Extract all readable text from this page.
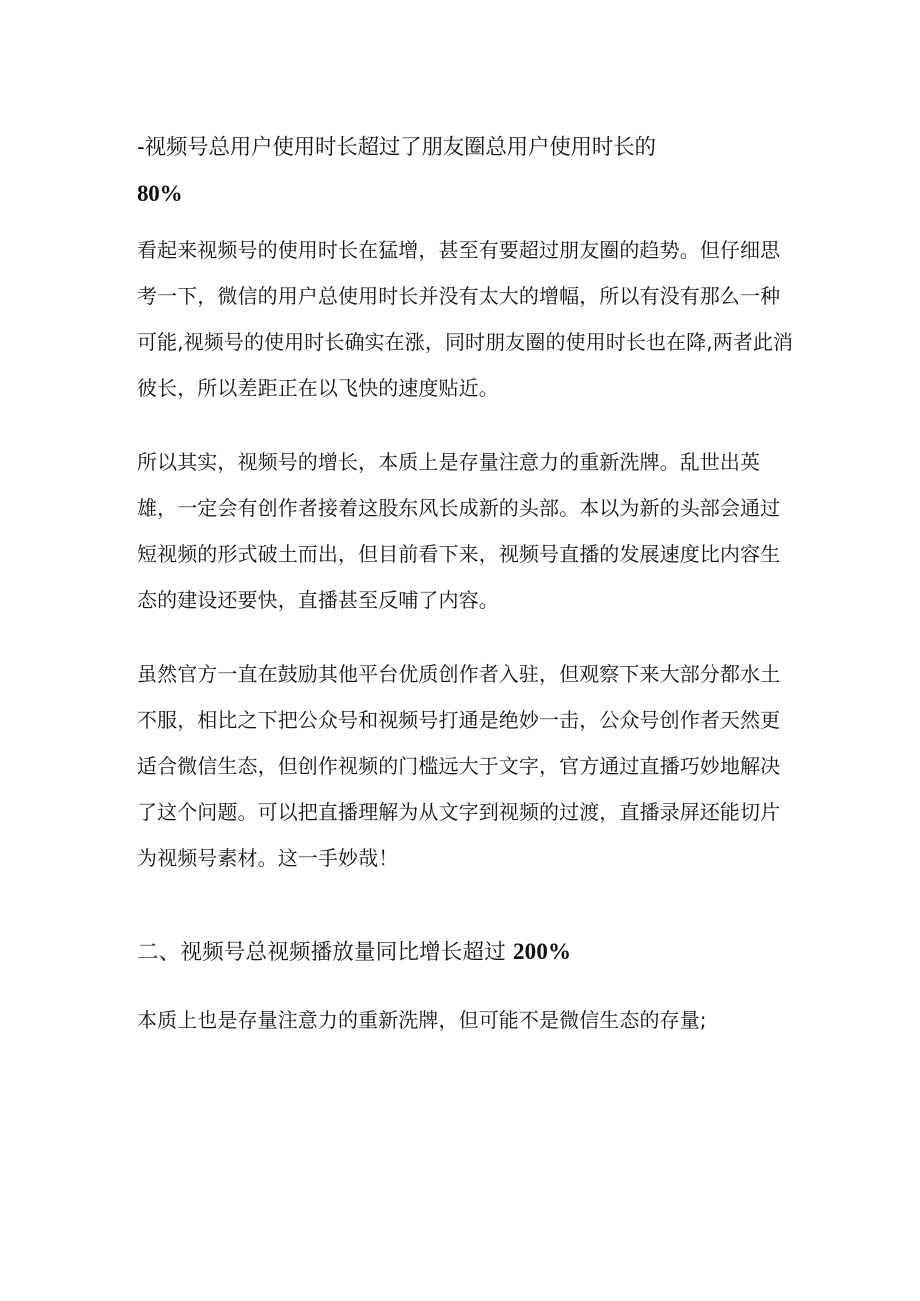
-视频号总用户使用时长超过了朋友圈总用户使用时长的
80%

看起来视频号的使用时长在猛增，甚至有要超过朋友圈的趋势。但仔细思考一下，微信的用户总使用时长并没有太大的增幅，所以有没有那么一种可能,视频号的使用时长确实在涨，同时朋友圈的使用时长也在降,两者此消彼长，所以差距正在以飞快的速度贴近。

所以其实，视频号的增长，本质上是存量注意力的重新洗牌。乱世出英雄，一定会有创作者接着这股东风长成新的头部。本以为新的头部会通过短视频的形式破土而出，但目前看下来，视频号直播的发展速度比内容生态的建设还要快，直播甚至反哺了内容。

虽然官方一直在鼓励其他平台优质创作者入驻，但观察下来大部分都水土不服，相比之下把公众号和视频号打通是绝妙一击，公众号创作者天然更适合微信生态，但创作视频的门槛远大于文字，官方通过直播巧妙地解决了这个问题。可以把直播理解为从文字到视频的过渡，直播录屏还能切片为视频号素材。这一手妙哉！

二、视频号总视频播放量同比增长超过 200%

本质上也是存量注意力的重新洗牌，但可能不是微信生态的存量;
